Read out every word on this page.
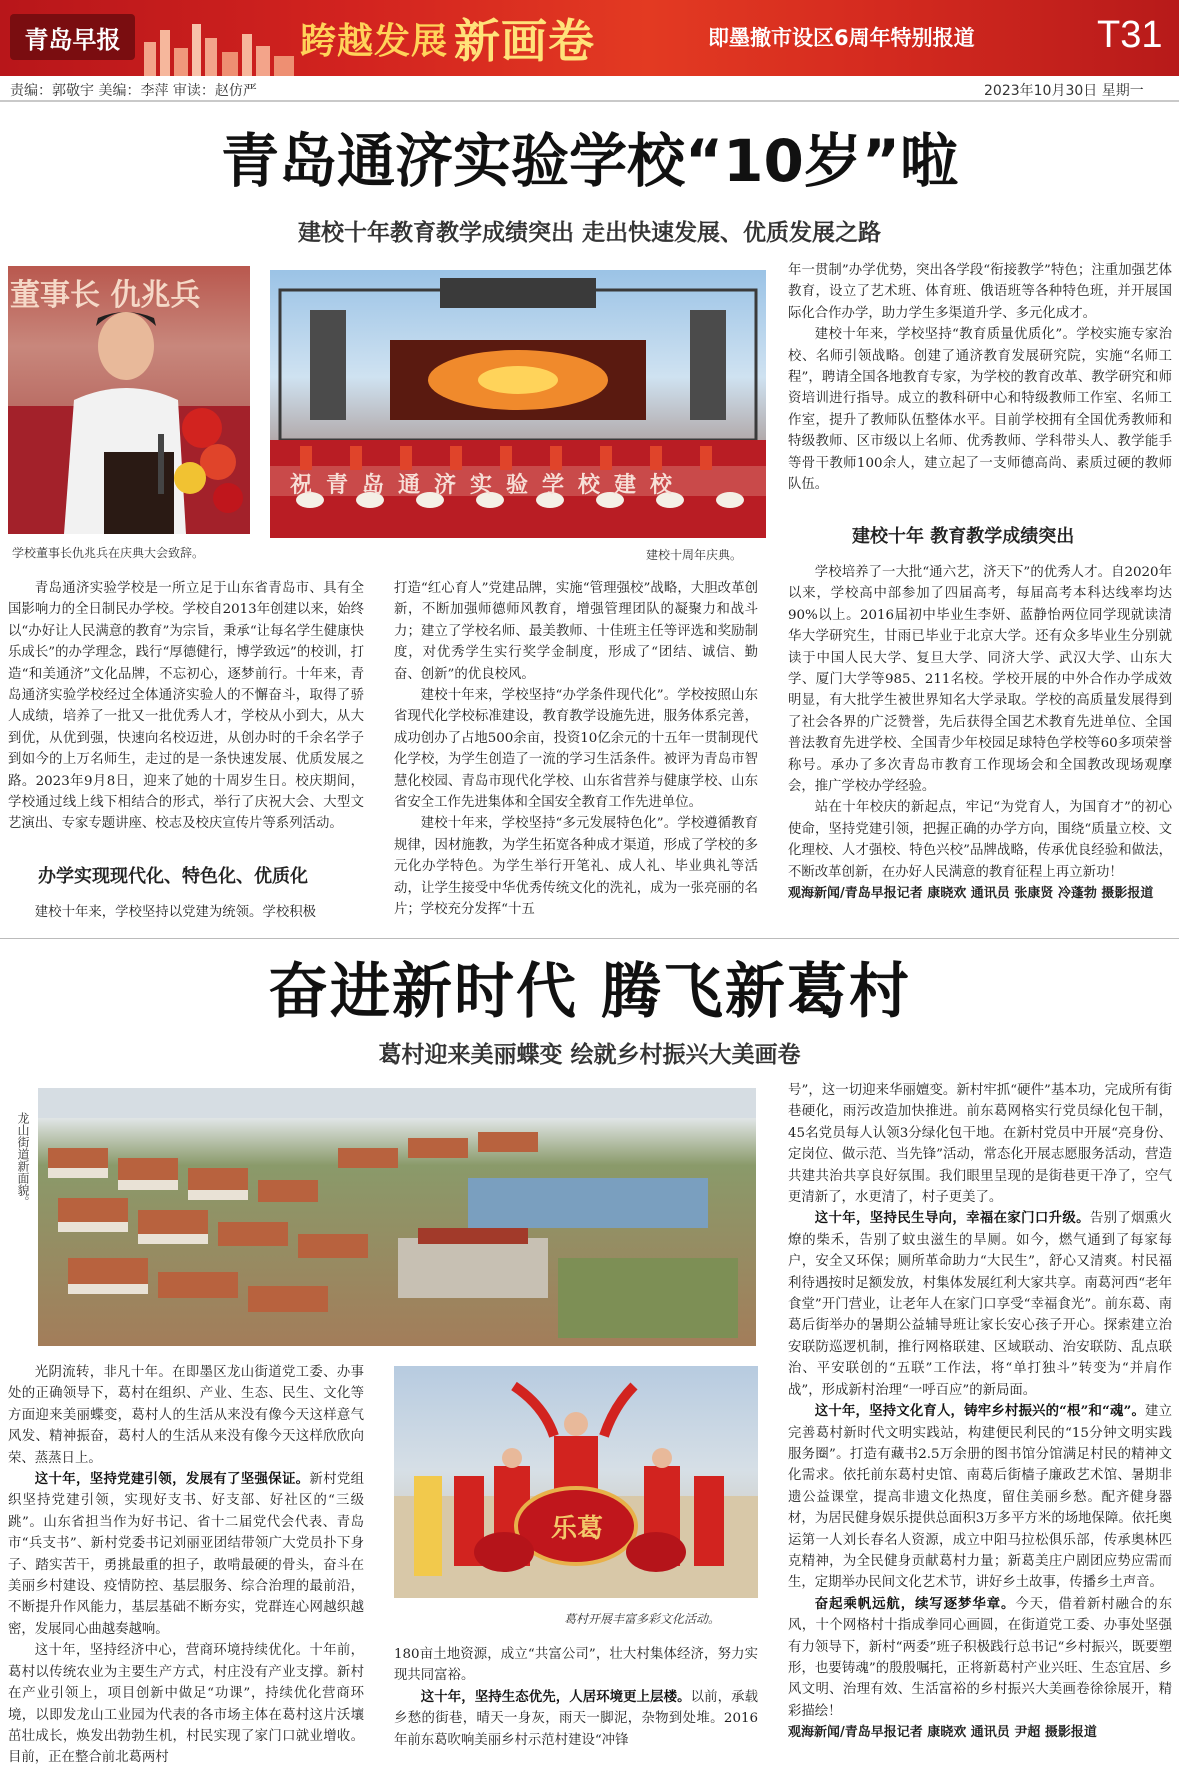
青岛早报	跨越发展 新画卷	即墨撤市设区6周年特别报道	T31
责编：郭敬宇 美编：李萍 审读：赵仿严	2023年10月30日 星期一
青岛通济实验学校“10岁”啦
建校十年教育教学成绩突出 走出快速发展、优质发展之路
董事长 仇兆兵
学校董事长仇兆兵在庆典大会致辞。
祝青岛通济实验学校建校
建校十周年庆典。

青岛通济实验学校是一所立足于山东省青岛市、具有全国影响力的全日制民办学校。学校自2013年创建以来，始终以“办好让人民满意的教育”为宗旨，秉承“让每名学生健康快乐成长”的办学理念，践行“厚德健行，博学致远”的校训，打造“和美通济”文化品牌，不忘初心，逐梦前行。十年来，青岛通济实验学校经过全体通济实验人的不懈奋斗，取得了骄人成绩，培养了一批又一批优秀人才，学校从小到大，从大到优，从优到强，快速向名校迈进，从创办时的千余名学子到如今的上万名师生，走过的是一条快速发展、优质发展之路。2023年9月8日，迎来了她的十周岁生日。校庆期间，学校通过线上线下相结合的形式，举行了庆祝大会、大型文艺演出、专家专题讲座、校志及校庆宣传片等系列活动。

办学实现现代化、特色化、优质化

建校十年来，学校坚持以党建为统领。学校积极

打造“红心育人”党建品牌，实施“管理强校”战略，大胆改革创新，不断加强师德师风教育，增强管理团队的凝聚力和战斗力；建立了学校名师、最美教师、十佳班主任等评选和奖励制度，对优秀学生实行奖学金制度，形成了“团结、诚信、勤奋、创新”的优良校风。

建校十年来，学校坚持“办学条件现代化”。学校按照山东省现代化学校标准建设，教育教学设施先进，服务体系完善，成功创办了占地500余亩，投资10亿余元的十五年一贯制现代化学校，为学生创造了一流的学习生活条件。被评为青岛市智慧化校园、青岛市现代化学校、山东省营养与健康学校、山东省安全工作先进集体和全国安全教育工作先进单位。

建校十年来，学校坚持“多元发展特色化”。学校遵循教育规律，因材施教，为学生拓宽各种成才渠道，形成了学校的多元化办学特色。为学生举行开笔礼、成人礼、毕业典礼等活动，让学生接受中华优秀传统文化的洗礼，成为一张亮丽的名片；学校充分发挥“十五

年一贯制”办学优势，突出各学段“衔接教学”特色；注重加强艺体教育，设立了艺术班、体育班、俄语班等各种特色班，并开展国际化合作办学，助力学生多渠道升学、多元化成才。

建校十年来，学校坚持“教育质量优质化”。学校实施专家治校、名师引领战略。创建了通济教育发展研究院，实施“名师工程”，聘请全国各地教育专家，为学校的教育改革、教学研究和师资培训进行指导。成立的教科研中心和特级教师工作室、名师工作室，提升了教师队伍整体水平。目前学校拥有全国优秀教师和特级教师、区市级以上名师、优秀教师、学科带头人、教学能手等骨干教师100余人，建立起了一支师德高尚、素质过硬的教师队伍。

建校十年 教育教学成绩突出

学校培养了一大批“通六艺，济天下”的优秀人才。自2020年以来，学校高中部参加了四届高考，每届高考本科达线率均达90%以上。2016届初中毕业生李妍、蓝静怡两位同学现就读清华大学研究生，甘雨已毕业于北京大学。还有众多毕业生分别就读于中国人民大学、复旦大学、同济大学、武汉大学、山东大学、厦门大学等985、211名校。学校开展的中外合作办学成效明显，有大批学生被世界知名大学录取。学校的高质量发展得到了社会各界的广泛赞誉，先后获得全国艺术教育先进单位、全国普法教育先进学校、全国青少年校园足球特色学校等60多项荣誉称号。承办了多次青岛市教育工作现场会和全国教改现场观摩会，推广学校办学经验。

站在十年校庆的新起点，牢记“为党育人，为国育才”的初心使命，坚持党建引领，把握正确的办学方向，围绕“质量立校、文化理校、人才强校、特色兴校”品牌战略，传承优良经验和做法，不断改革创新，在办好人民满意的教育征程上再立新功！

观海新闻/青岛早报记者 康晓欢 通讯员 张康贤 冷蓬勃 摄影报道

奋进新时代 腾飞新葛村
葛村迎来美丽蝶变 绘就乡村振兴大美画卷
龙山街道新面貌。

光阴流转，非凡十年。在即墨区龙山街道党工委、办事处的正确领导下，葛村在组织、产业、生态、民生、文化等方面迎来美丽蝶变，葛村人的生活从来没有像今天这样意气风发、精神振奋，葛村人的生活从来没有像今天这样欣欣向荣、蒸蒸日上。

这十年，坚持党建引领，发展有了坚强保证。新村党组织坚持党建引领，实现好支书、好支部、好社区的“三级跳”。山东省担当作为好书记、省十二届党代会代表、青岛市“兵支书”、新村党委书记刘丽亚团结带领广大党员扑下身子、踏实苦干，勇挑最重的担子，敢啃最硬的骨头，奋斗在美丽乡村建设、疫情防控、基层服务、综合治理的最前沿，不断提升作风能力，基层基础不断夯实，党群连心网越织越密，发展同心曲越奏越响。

这十年，坚持经济中心，营商环境持续优化。十年前，葛村以传统农业为主要生产方式，村庄没有产业支撑。新村在产业引领上，项目创新中做足“功课”，持续优化营商环境，以即发龙山工业园为代表的各市场主体在葛村这片沃壤茁壮成长，焕发出勃勃生机，村民实现了家门口就业增收。目前，正在整合前北葛两村

乐葛
葛村开展丰富多彩文化活动。

180亩土地资源，成立“共富公司”，壮大村集体经济，努力实现共同富裕。

这十年，坚持生态优先，人居环境更上层楼。以前，承载乡愁的街巷，晴天一身灰，雨天一脚泥，杂物到处堆。2016年前东葛吹响美丽乡村示范村建设“冲锋

号”，这一切迎来华丽嬗变。新村牢抓“硬件”基本功，完成所有街巷硬化，雨污改造加快推进。前东葛网格实行党员绿化包干制，45名党员每人认领3分绿化包干地。在新村党员中开展“亮身份、定岗位、做示范、当先锋”活动，常态化开展志愿服务活动，营造共建共治共享良好氛围。我们眼里呈现的是街巷更干净了，空气更清新了，水更清了，村子更美了。

这十年，坚持民生导向，幸福在家门口升级。告别了烟熏火燎的柴禾，告别了蚊虫滋生的旱厕。如今，燃气通到了每家每户，安全又环保；厕所革命助力“大民生”，舒心又清爽。村民福利待遇按时足额发放，村集体发展红利大家共享。南葛河西“老年食堂”开门营业，让老年人在家门口享受“幸福食光”。前东葛、南葛后街举办的暑期公益辅导班让家长安心孩子开心。探索建立治安联防巡逻机制，推行网格联建、区域联动、治安联防、乱点联治、平安联创的“五联”工作法，将“单打独斗”转变为“并肩作战”，形成新村治理“一呼百应”的新局面。

这十年，坚持文化育人，铸牢乡村振兴的“根”和“魂”。建立完善葛村新时代文明实践站，构建便民利民的“15分钟文明实践服务圈”。打造有藏书2.5万余册的图书馆分馆满足村民的精神文化需求。依托前东葛村史馆、南葛后街樯子廉政艺术馆、暑期非遗公益课堂，提高非遗文化热度，留住美丽乡愁。配齐健身器材，为居民健身娱乐提供总面积3万多平方米的场地保障。依托奥运第一人刘长春名人资源，成立中阳马拉松俱乐部，传承奥林匹克精神，为全民健身贡献葛村力量；新葛美庄户剧团应势应需而生，定期举办民间文化艺术节，讲好乡土故事，传播乡土声音。

奋起乘帆远航，续写逐梦华章。今天，借着新村融合的东风，十个网格村十指成拳同心画圆，在街道党工委、办事处坚强有力领导下，新村“两委”班子积极践行总书记“乡村振兴，既要塑形，也要铸魂”的殷殷嘱托，正将新葛村产业兴旺、生态宜居、乡风文明、治理有效、生活富裕的乡村振兴大美画卷徐徐展开，精彩描绘！

观海新闻/青岛早报记者 康晓欢 通讯员 尹超 摄影报道
